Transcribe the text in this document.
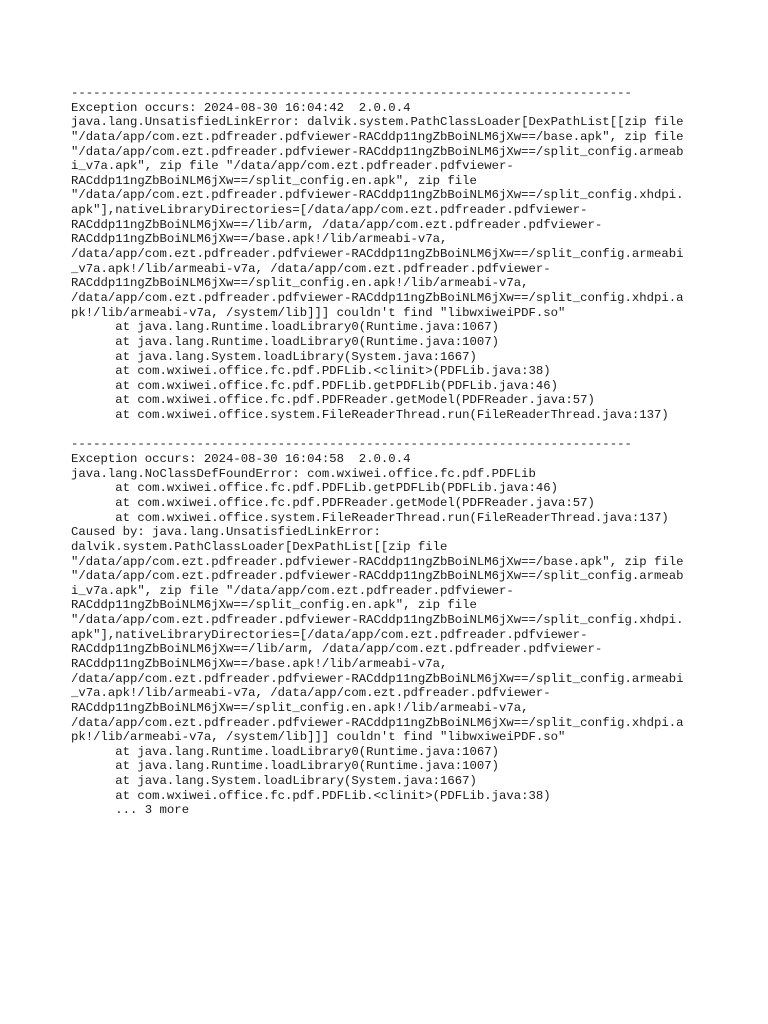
----------------------------------------------------------------------------
Exception occurs: 2024-08-30 16:04:42  2.0.0.4
java.lang.UnsatisfiedLinkError: dalvik.system.PathClassLoader[DexPathList[[zip file
"/data/app/com.ezt.pdfreader.pdfviewer-RACddp11ngZbBoiNLM6jXw==/base.apk", zip file
"/data/app/com.ezt.pdfreader.pdfviewer-RACddp11ngZbBoiNLM6jXw==/split_config.armeab
i_v7a.apk", zip file "/data/app/com.ezt.pdfreader.pdfviewer-
RACddp11ngZbBoiNLM6jXw==/split_config.en.apk", zip file
"/data/app/com.ezt.pdfreader.pdfviewer-RACddp11ngZbBoiNLM6jXw==/split_config.xhdpi.
apk"],nativeLibraryDirectories=[/data/app/com.ezt.pdfreader.pdfviewer-
RACddp11ngZbBoiNLM6jXw==/lib/arm, /data/app/com.ezt.pdfreader.pdfviewer-
RACddp11ngZbBoiNLM6jXw==/base.apk!/lib/armeabi-v7a,
/data/app/com.ezt.pdfreader.pdfviewer-RACddp11ngZbBoiNLM6jXw==/split_config.armeabi
_v7a.apk!/lib/armeabi-v7a, /data/app/com.ezt.pdfreader.pdfviewer-
RACddp11ngZbBoiNLM6jXw==/split_config.en.apk!/lib/armeabi-v7a,
/data/app/com.ezt.pdfreader.pdfviewer-RACddp11ngZbBoiNLM6jXw==/split_config.xhdpi.a
pk!/lib/armeabi-v7a, /system/lib]]] couldn't find "libwxiweiPDF.so"
at java.lang.Runtime.loadLibrary0(Runtime.java:1067)
at java.lang.Runtime.loadLibrary0(Runtime.java:1007)
at java.lang.System.loadLibrary(System.java:1667)
at com.wxiwei.office.fc.pdf.PDFLib.<clinit>(PDFLib.java:38)
at com.wxiwei.office.fc.pdf.PDFLib.getPDFLib(PDFLib.java:46)
at com.wxiwei.office.fc.pdf.PDFReader.getModel(PDFReader.java:57)
at com.wxiwei.office.system.FileReaderThread.run(FileReaderThread.java:137)
----------------------------------------------------------------------------
Exception occurs: 2024-08-30 16:04:58  2.0.0.4
java.lang.NoClassDefFoundError: com.wxiwei.office.fc.pdf.PDFLib
at com.wxiwei.office.fc.pdf.PDFLib.getPDFLib(PDFLib.java:46)
at com.wxiwei.office.fc.pdf.PDFReader.getModel(PDFReader.java:57)
at com.wxiwei.office.system.FileReaderThread.run(FileReaderThread.java:137)
Caused by: java.lang.UnsatisfiedLinkError:
dalvik.system.PathClassLoader[DexPathList[[zip file
"/data/app/com.ezt.pdfreader.pdfviewer-RACddp11ngZbBoiNLM6jXw==/base.apk", zip file
"/data/app/com.ezt.pdfreader.pdfviewer-RACddp11ngZbBoiNLM6jXw==/split_config.armeab
i_v7a.apk", zip file "/data/app/com.ezt.pdfreader.pdfviewer-
RACddp11ngZbBoiNLM6jXw==/split_config.en.apk", zip file
"/data/app/com.ezt.pdfreader.pdfviewer-RACddp11ngZbBoiNLM6jXw==/split_config.xhdpi.
apk"],nativeLibraryDirectories=[/data/app/com.ezt.pdfreader.pdfviewer-
RACddp11ngZbBoiNLM6jXw==/lib/arm, /data/app/com.ezt.pdfreader.pdfviewer-
RACddp11ngZbBoiNLM6jXw==/base.apk!/lib/armeabi-v7a,
/data/app/com.ezt.pdfreader.pdfviewer-RACddp11ngZbBoiNLM6jXw==/split_config.armeabi
_v7a.apk!/lib/armeabi-v7a, /data/app/com.ezt.pdfreader.pdfviewer-
RACddp11ngZbBoiNLM6jXw==/split_config.en.apk!/lib/armeabi-v7a,
/data/app/com.ezt.pdfreader.pdfviewer-RACddp11ngZbBoiNLM6jXw==/split_config.xhdpi.a
pk!/lib/armeabi-v7a, /system/lib]]] couldn't find "libwxiweiPDF.so"
at java.lang.Runtime.loadLibrary0(Runtime.java:1067)
at java.lang.Runtime.loadLibrary0(Runtime.java:1007)
at java.lang.System.loadLibrary(System.java:1667)
at com.wxiwei.office.fc.pdf.PDFLib.<clinit>(PDFLib.java:38)
... 3 more
